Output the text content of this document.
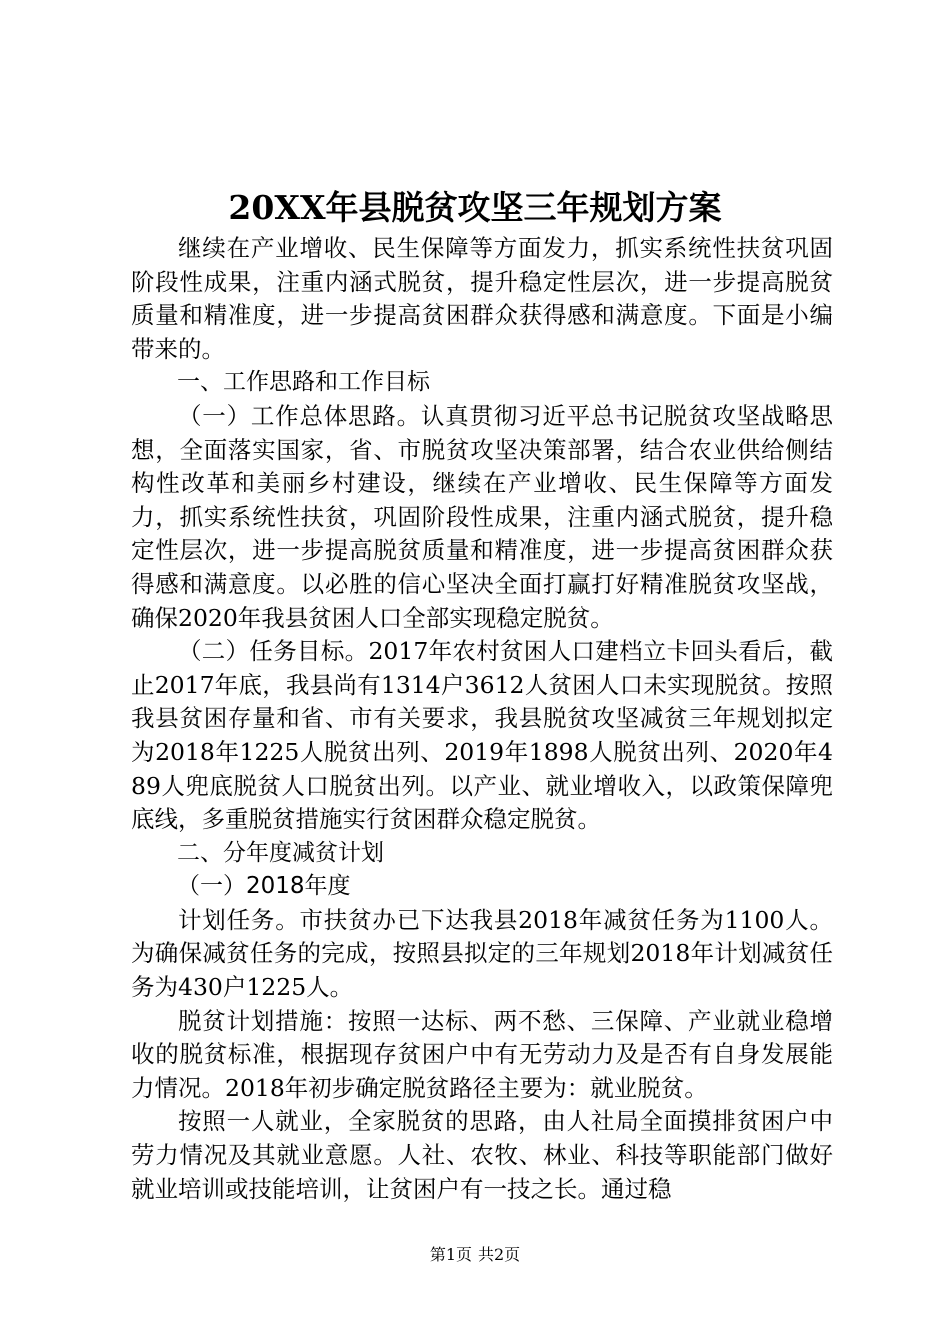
20XX年县脱贫攻坚三年规划方案

继续在产业增收、民生保障等方面发力，抓实系统性扶贫巩固阶段性成果，注重内涵式脱贫，提升稳定性层次，进一步提高脱贫质量和精准度，进一步提高贫困群众获得感和满意度。下面是小编带来的。

一、工作思路和工作目标

（一）工作总体思路。认真贯彻习近平总书记脱贫攻坚战略思想，全面落实国家，省、市脱贫攻坚决策部署，结合农业供给侧结构性改革和美丽乡村建设，继续在产业增收、民生保障等方面发力，抓实系统性扶贫，巩固阶段性成果，注重内涵式脱贫，提升稳定性层次，进一步提高脱贫质量和精准度，进一步提高贫困群众获得感和满意度。以必胜的信心坚决全面打赢打好精准脱贫攻坚战，确保2020年我县贫困人口全部实现稳定脱贫。

（二）任务目标。2017年农村贫困人口建档立卡回头看后，截止2017年底，我县尚有1314户3612人贫困人口未实现脱贫。按照我县贫困存量和省、市有关要求，我县脱贫攻坚减贫三年规划拟定为2018年1225人脱贫出列、2019年1898人脱贫出列、2020年489人兜底脱贫人口脱贫出列。以产业、就业增收入，以政策保障兜底线，多重脱贫措施实行贫困群众稳定脱贫。

二、分年度减贫计划

（一）2018年度

计划任务。市扶贫办已下达我县2018年减贫任务为1100人。为确保减贫任务的完成，按照县拟定的三年规划2018年计划减贫任务为430户1225人。

脱贫计划措施：按照一达标、两不愁、三保障、产业就业稳增收的脱贫标准，根据现存贫困户中有无劳动力及是否有自身发展能力情况。2018年初步确定脱贫路径主要为：就业脱贫。

按照一人就业，全家脱贫的思路，由人社局全面摸排贫困户中劳力情况及其就业意愿。人社、农牧、林业、科技等职能部门做好就业培训或技能培训，让贫困户有一技之长。通过稳

第1页 共2页
